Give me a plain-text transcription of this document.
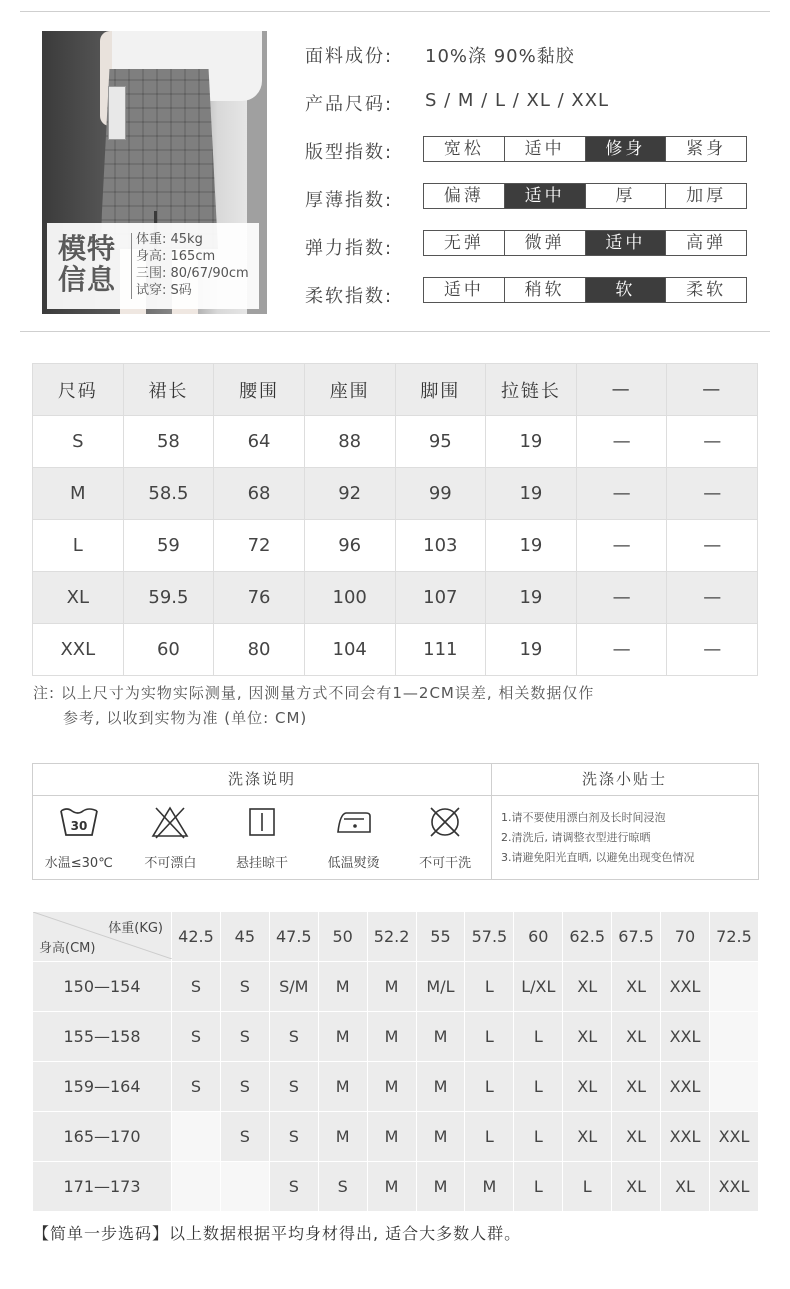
模特
信息
体重: 45kg
身高: 165cm
三围: 80/67/90cm
试穿: S码
面料成份: 10%涤 90%黏胶
产品尺码: S / M / L / XL / XXL
版型指数:	宽松	适中	修身	紧身
厚薄指数:	偏薄	适中	厚	加厚
弹力指数:	无弹	微弹	适中	高弹
柔软指数:	适中	稍软	软	柔软
尺码	裙长	腰围	座围	脚围	拉链长	—	—
S	58	64	88	95	19	—	—
M	58.5	68	92	99	19	—	—
L	59	72	96	103	19	—	—
XL	59.5	76	100	107	19	—	—
XXL	60	80	104	111	19	—	—
注: 以上尺寸为实物实际测量, 因测量方式不同会有1—2CM误差, 相关数据仅作
参考, 以收到实物为准 (单位: CM)
洗涤说明	洗涤小贴士
30
水温≤30℃	不可漂白	悬挂晾干	低温熨烫	不可干洗
1.请不要使用漂白剂及长时间浸泡
2.清洗后, 请调整衣型进行晾晒
3.请避免阳光直晒, 以避免出现变色情况
体重(KG)
身高(CM)	42.5	45	47.5	50	52.2	55	57.5	60	62.5	67.5	70	72.5
150—154	S	S	S/M	M	M	M/L	L	L/XL	XL	XL	XXL	
155—158	S	S	S	M	M	M	L	L	XL	XL	XXL	
159—164	S	S	S	M	M	M	L	L	XL	XL	XXL	
165—170		S	S	M	M	M	L	L	XL	XL	XXL	XXL
171—173			S	S	M	M	M	L	L	XL	XL	XXL
【简单一步选码】以上数据根据平均身材得出, 适合大多数人群。
